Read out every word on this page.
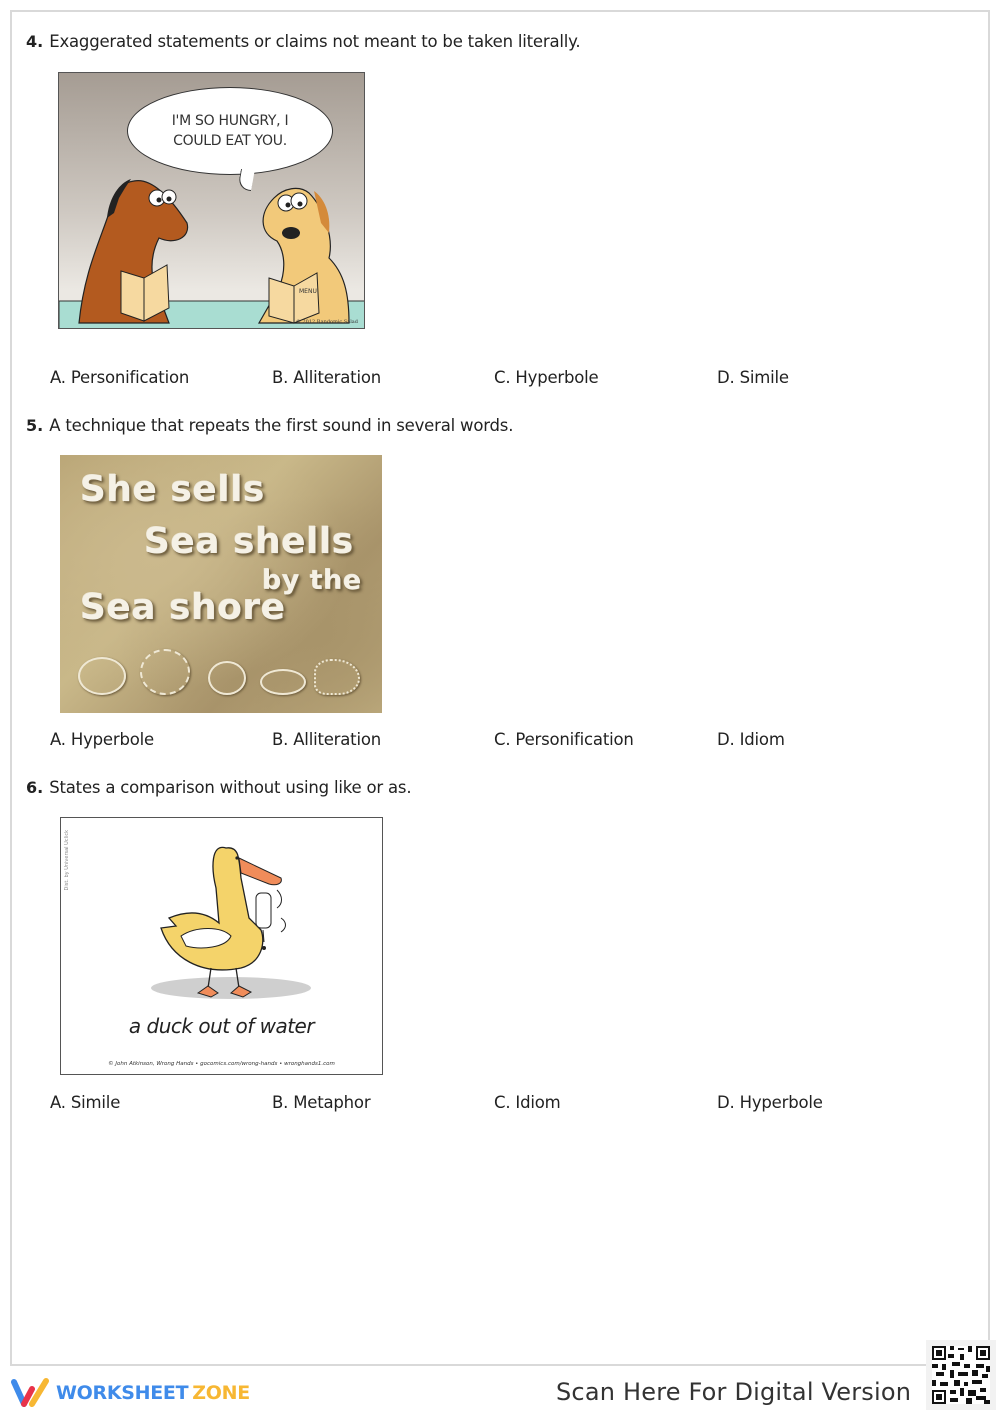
4. Exaggerated statements or claims not meant to be taken literally.
I'M SO HUNGRY, I
COULD EAT YOU.
MENU
© 2012 Randomic Salad
A. Personification	B. Alliteration	C. Hyperbole	D. Simile
5. A technique that repeats the first sound in several words.
She sells
Sea shells
by the
Sea shore
A. Hyperbole	B. Alliteration	C. Personification	D. Idiom
6. States a comparison without using like or as.
Dist. by Universal Uclick
a duck out of water
© John Atkinson, Wrong Hands • gocomics.com/wrong-hands • wronghands1.com
A. Simile	B. Metaphor	C. Idiom	D. Hyperbole
WORKSHEET ZONE	Scan Here For Digital Version
